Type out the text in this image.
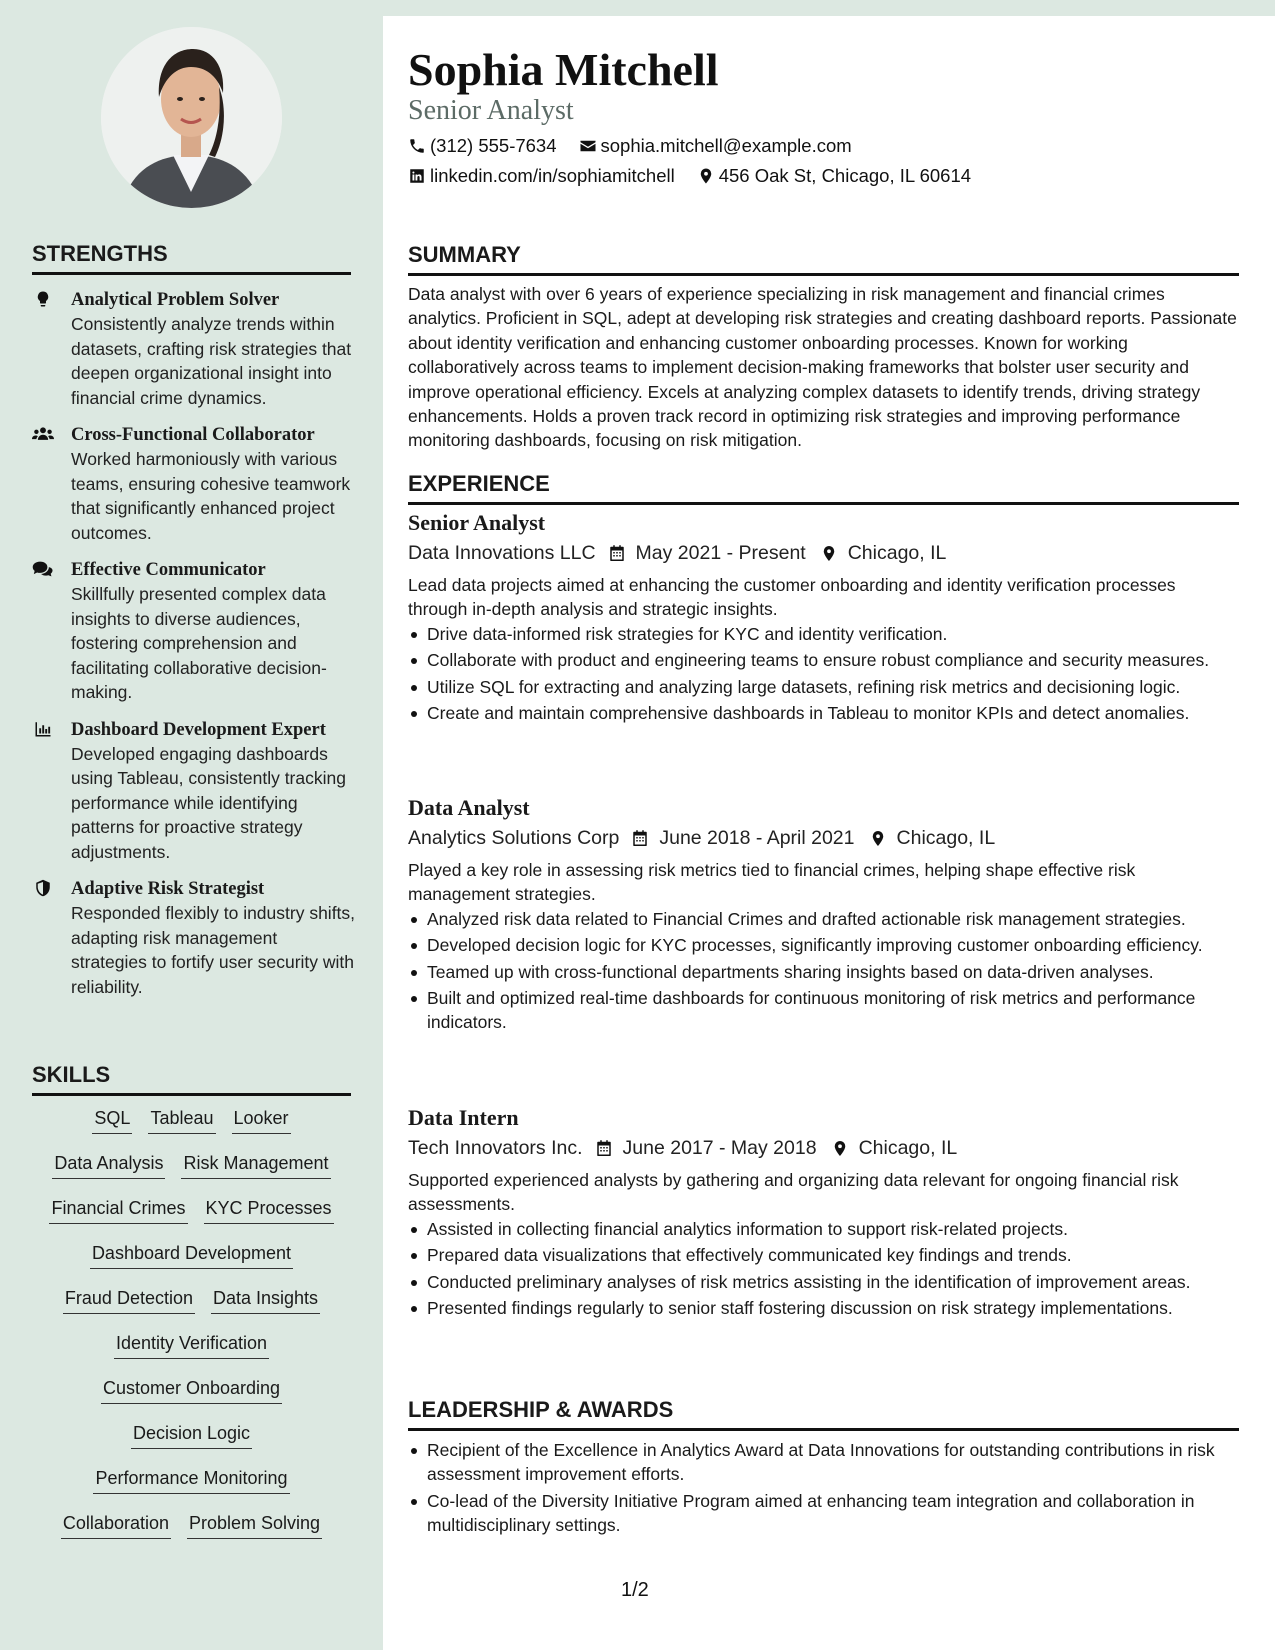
STRENGTHS
Analytical Problem Solver
Consistently analyze trends within datasets, crafting risk strategies that deepen organizational insight into financial crime dynamics.
Cross-Functional Collaborator
Worked harmoniously with various teams, ensuring cohesive teamwork that significantly enhanced project outcomes.
Effective Communicator
Skillfully presented complex data insights to diverse audiences, fostering comprehension and facilitating collaborative decision-making.
Dashboard Development Expert
Developed engaging dashboards using Tableau, consistently tracking performance while identifying patterns for proactive strategy adjustments.
Adaptive Risk Strategist
Responded flexibly to industry shifts, adapting risk management strategies to fortify user security with reliability.
SKILLS
SQL Tableau Looker
Data Analysis Risk Management
Financial Crimes KYC Processes
Dashboard Development
Fraud Detection Data Insights
Identity Verification
Customer Onboarding
Decision Logic
Performance Monitoring
Collaboration Problem Solving
Sophia Mitchell
Senior Analyst
(312) 555-7634 sophia.mitchell@example.com
linkedin.com/in/sophiamitchell 456 Oak St, Chicago, IL 60614
SUMMARY
Data analyst with over 6 years of experience specializing in risk management and financial crimes analytics. Proficient in SQL, adept at developing risk strategies and creating dashboard reports. Passionate about identity verification and enhancing customer onboarding processes. Known for working collaboratively across teams to implement decision-making frameworks that bolster user security and improve operational efficiency. Excels at analyzing complex datasets to identify trends, driving strategy enhancements. Holds a proven track record in optimizing risk strategies and improving performance monitoring dashboards, focusing on risk mitigation.
EXPERIENCE
Senior Analyst
Data Innovations LLC May 2021 - Present Chicago, IL
Lead data projects aimed at enhancing the customer onboarding and identity verification processes through in-depth analysis and strategic insights.
Drive data-informed risk strategies for KYC and identity verification.
Collaborate with product and engineering teams to ensure robust compliance and security measures.
Utilize SQL for extracting and analyzing large datasets, refining risk metrics and decisioning logic.
Create and maintain comprehensive dashboards in Tableau to monitor KPIs and detect anomalies.
Data Analyst
Analytics Solutions Corp June 2018 - April 2021 Chicago, IL
Played a key role in assessing risk metrics tied to financial crimes, helping shape effective risk management strategies.
Analyzed risk data related to Financial Crimes and drafted actionable risk management strategies.
Developed decision logic for KYC processes, significantly improving customer onboarding efficiency.
Teamed up with cross-functional departments sharing insights based on data-driven analyses.
Built and optimized real-time dashboards for continuous monitoring of risk metrics and performance indicators.
Data Intern
Tech Innovators Inc. June 2017 - May 2018 Chicago, IL
Supported experienced analysts by gathering and organizing data relevant for ongoing financial risk assessments.
Assisted in collecting financial analytics information to support risk-related projects.
Prepared data visualizations that effectively communicated key findings and trends.
Conducted preliminary analyses of risk metrics assisting in the identification of improvement areas.
Presented findings regularly to senior staff fostering discussion on risk strategy implementations.
LEADERSHIP & AWARDS
Recipient of the Excellence in Analytics Award at Data Innovations for outstanding contributions in risk assessment improvement efforts.
Co-lead of the Diversity Initiative Program aimed at enhancing team integration and collaboration in multidisciplinary settings.
1/2
